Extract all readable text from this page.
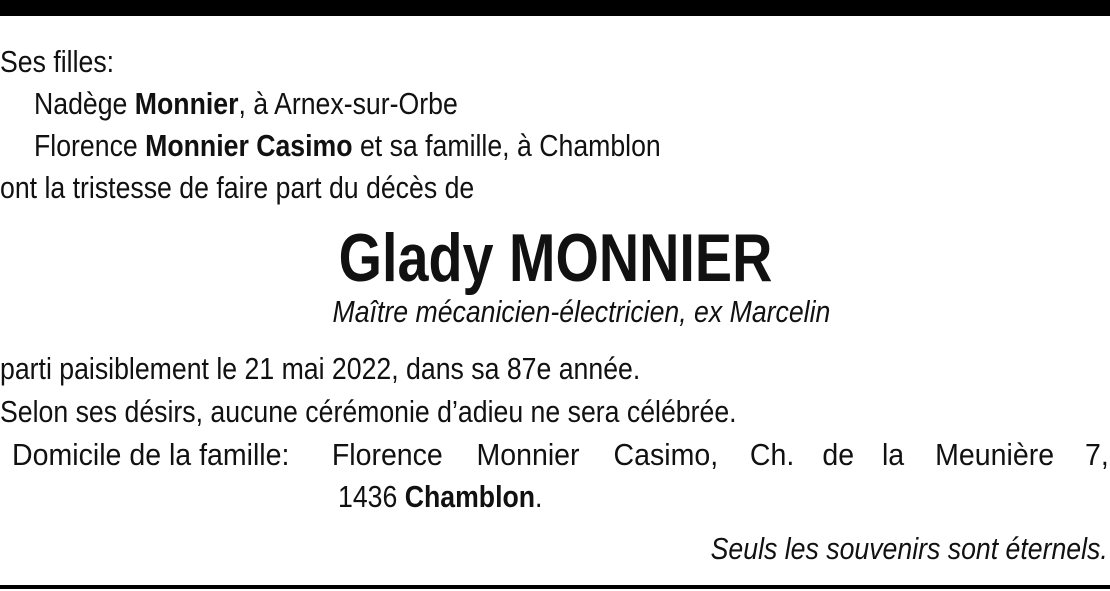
Ses filles:
Nadège Monnier, à Arnex-sur-Orbe
Florence Monnier Casimo et sa famille, à Chamblon
ont la tristesse de faire part du décès de
Glady MONNIER
Maître mécanicien-électricien, ex Marcelin
parti paisiblement le 21 mai 2022, dans sa 87e année.
Selon ses désirs, aucune cérémonie d’adieu ne sera célébrée.
Domicile de la famille: Florence Monnier Casimo, Ch. de la Meunière 7,
1436 Chamblon.
Seuls les souvenirs sont éternels.
